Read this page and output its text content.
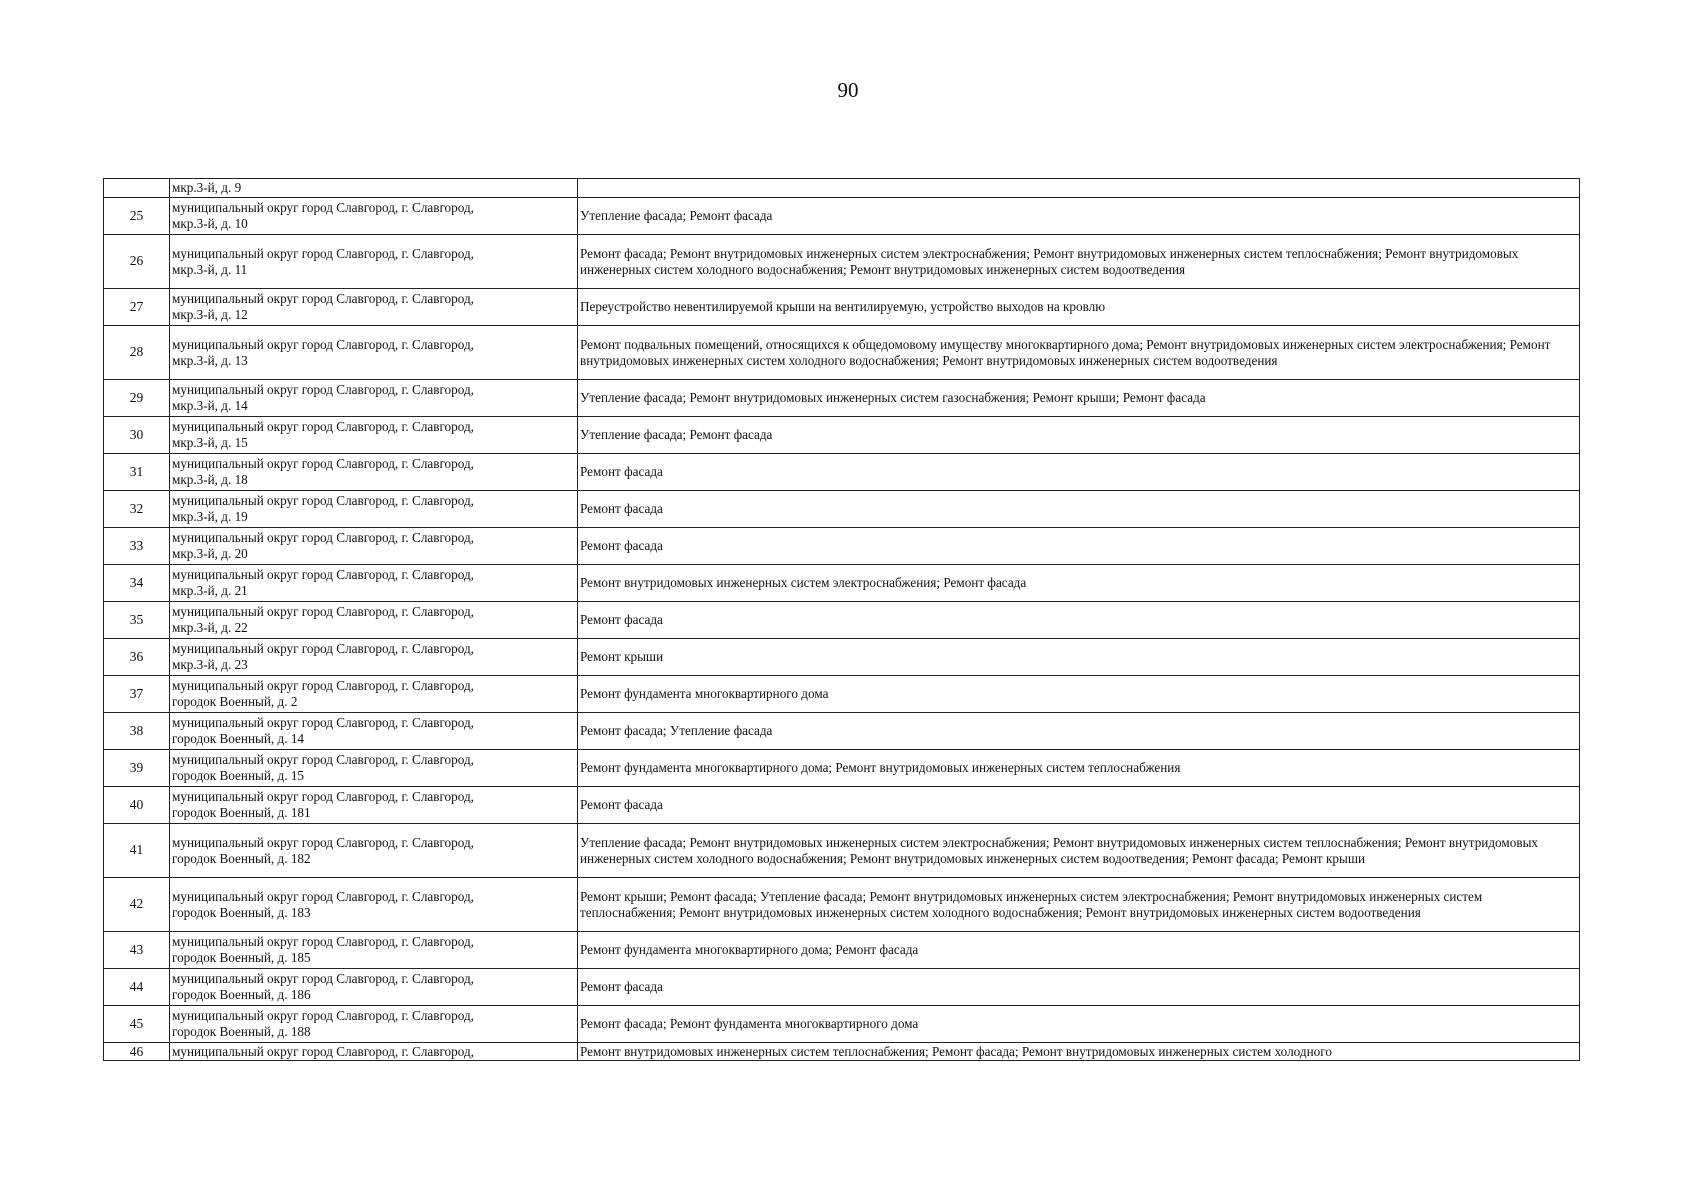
90

	мкр.3-й, д. 9	

25	муниципальный округ город Славгород, г. Славгород,
мкр.3-й, д. 10	Утепление фасада; Ремонт фасада

26	муниципальный округ город Славгород, г. Славгород,
мкр.3-й, д. 11	Ремонт фасада; Ремонт внутридомовых инженерных систем электроснабжения; Ремонт внутридомовых инженерных систем теплоснабжения; Ремонт внутридомовых инженерных систем холодного водоснабжения; Ремонт внутридомовых инженерных систем водоотведения

27	муниципальный округ город Славгород, г. Славгород,
мкр.3-й, д. 12	Переустройство невентилируемой крыши на вентилируемую, устройство выходов на кровлю

28	муниципальный округ город Славгород, г. Славгород,
мкр.3-й, д. 13	Ремонт подвальных помещений, относящихся к общедомовому имуществу многоквартирного дома; Ремонт внутридомовых инженерных систем электроснабжения; Ремонт внутридомовых инженерных систем холодного водоснабжения; Ремонт внутридомовых инженерных систем водоотведения

29	муниципальный округ город Славгород, г. Славгород,
мкр.3-й, д. 14	Утепление фасада; Ремонт внутридомовых инженерных систем газоснабжения; Ремонт крыши; Ремонт фасада

30	муниципальный округ город Славгород, г. Славгород,
мкр.3-й, д. 15	Утепление фасада; Ремонт фасада

31	муниципальный округ город Славгород, г. Славгород,
мкр.3-й, д. 18	Ремонт фасада

32	муниципальный округ город Славгород, г. Славгород,
мкр.3-й, д. 19	Ремонт фасада

33	муниципальный округ город Славгород, г. Славгород,
мкр.3-й, д. 20	Ремонт фасада

34	муниципальный округ город Славгород, г. Славгород,
мкр.3-й, д. 21	Ремонт внутридомовых инженерных систем электроснабжения; Ремонт фасада

35	муниципальный округ город Славгород, г. Славгород,
мкр.3-й, д. 22	Ремонт фасада

36	муниципальный округ город Славгород, г. Славгород,
мкр.3-й, д. 23	Ремонт крыши

37	муниципальный округ город Славгород, г. Славгород,
городок Военный, д. 2	Ремонт фундамента многоквартирного дома

38	муниципальный округ город Славгород, г. Славгород,
городок Военный, д. 14	Ремонт фасада; Утепление фасада

39	муниципальный округ город Славгород, г. Славгород,
городок Военный, д. 15	Ремонт фундамента многоквартирного дома; Ремонт внутридомовых инженерных систем теплоснабжения

40	муниципальный округ город Славгород, г. Славгород,
городок Военный, д. 181	Ремонт фасада

41	муниципальный округ город Славгород, г. Славгород,
городок Военный, д. 182	Утепление фасада; Ремонт внутридомовых инженерных систем электроснабжения; Ремонт внутридомовых инженерных систем теплоснабжения; Ремонт внутридомовых инженерных систем холодного водоснабжения; Ремонт внутридомовых инженерных систем водоотведения; Ремонт фасада; Ремонт крыши

42	муниципальный округ город Славгород, г. Славгород,
городок Военный, д. 183	Ремонт крыши; Ремонт фасада; Утепление фасада; Ремонт внутридомовых инженерных систем электроснабжения; Ремонт внутридомовых инженерных систем теплоснабжения; Ремонт внутридомовых инженерных систем холодного водоснабжения; Ремонт внутридомовых инженерных систем водоотведения

43	муниципальный округ город Славгород, г. Славгород,
городок Военный, д. 185	Ремонт фундамента многоквартирного дома; Ремонт фасада

44	муниципальный округ город Славгород, г. Славгород,
городок Военный, д. 186	Ремонт фасада

45	муниципальный округ город Славгород, г. Славгород,
городок Военный, д. 188	Ремонт фасада; Ремонт фундамента многоквартирного дома

46	муниципальный округ город Славгород, г. Славгород,	Ремонт внутридомовых инженерных систем теплоснабжения; Ремонт фасада; Ремонт внутридомовых инженерных систем холодного
